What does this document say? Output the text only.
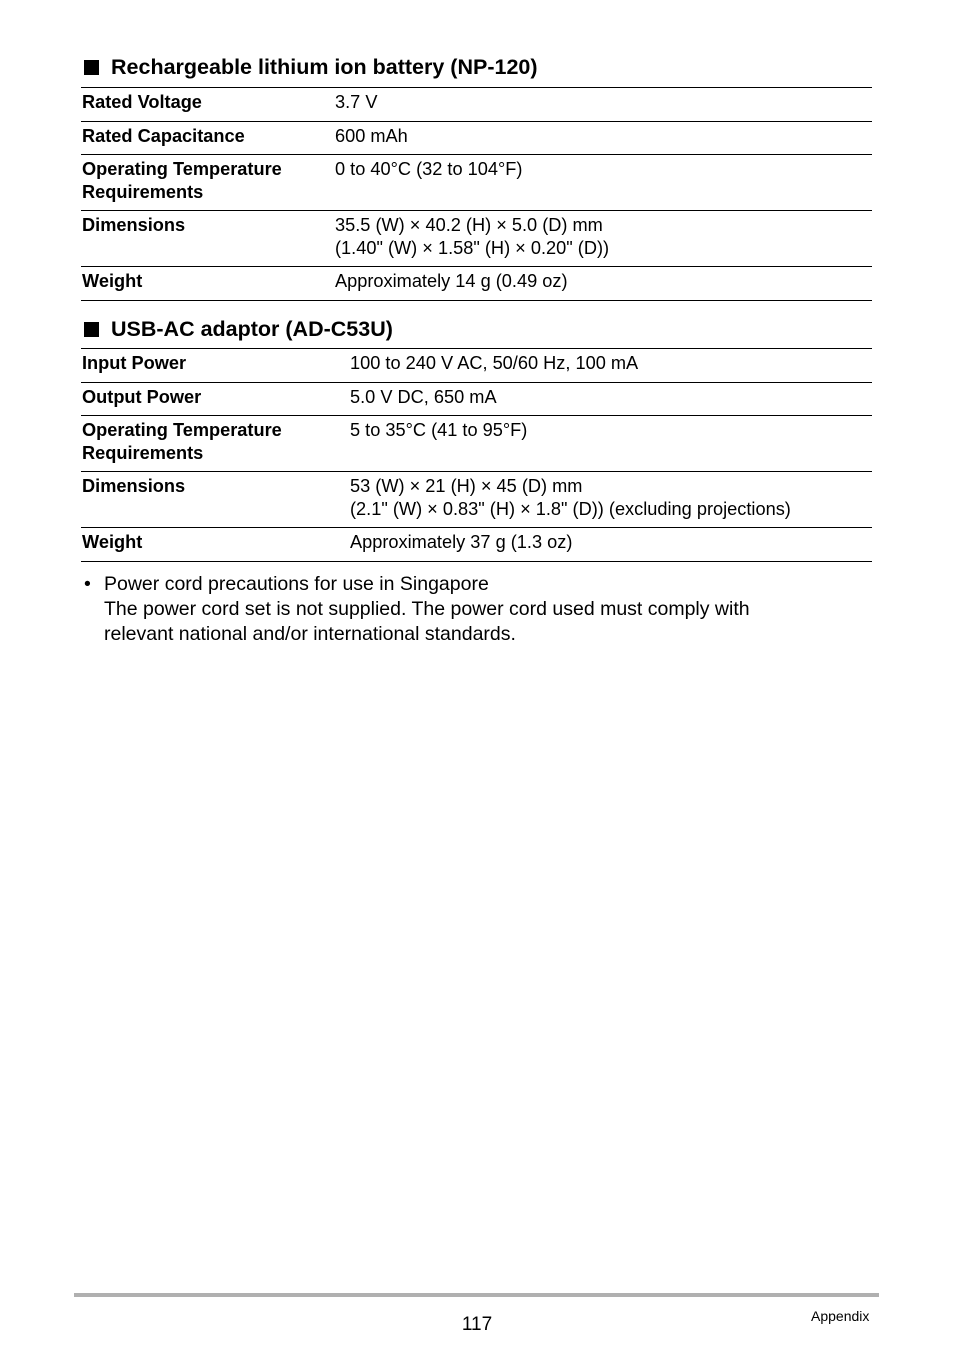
Rechargeable lithium ion battery (NP-120)
Rated Voltage	3.7 V

Rated Capacitance	600 mAh

Operating Temperature
Requirements	0 to 40°C (32 to 104°F)

Dimensions	35.5 (W) × 40.2 (H) × 5.0 (D) mm
(1.40" (W) × 1.58" (H) × 0.20" (D))

Weight	Approximately 14 g (0.49 oz)
USB-AC adaptor (AD-C53U)
Input Power	100 to 240 V AC, 50/60 Hz, 100 mA

Output Power	5.0 V DC, 650 mA

Operating Temperature
Requirements	5 to 35°C (41 to 95°F)

Dimensions	53 (W) × 21 (H) × 45 (D) mm
(2.1" (W) × 0.83" (H) × 1.8" (D)) (excluding projections)

Weight	Approximately 37 g (1.3 oz)
• Power cord precautions for use in Singapore
The power cord set is not supplied. The power cord used must comply with
relevant national and/or international standards.
117	Appendix
